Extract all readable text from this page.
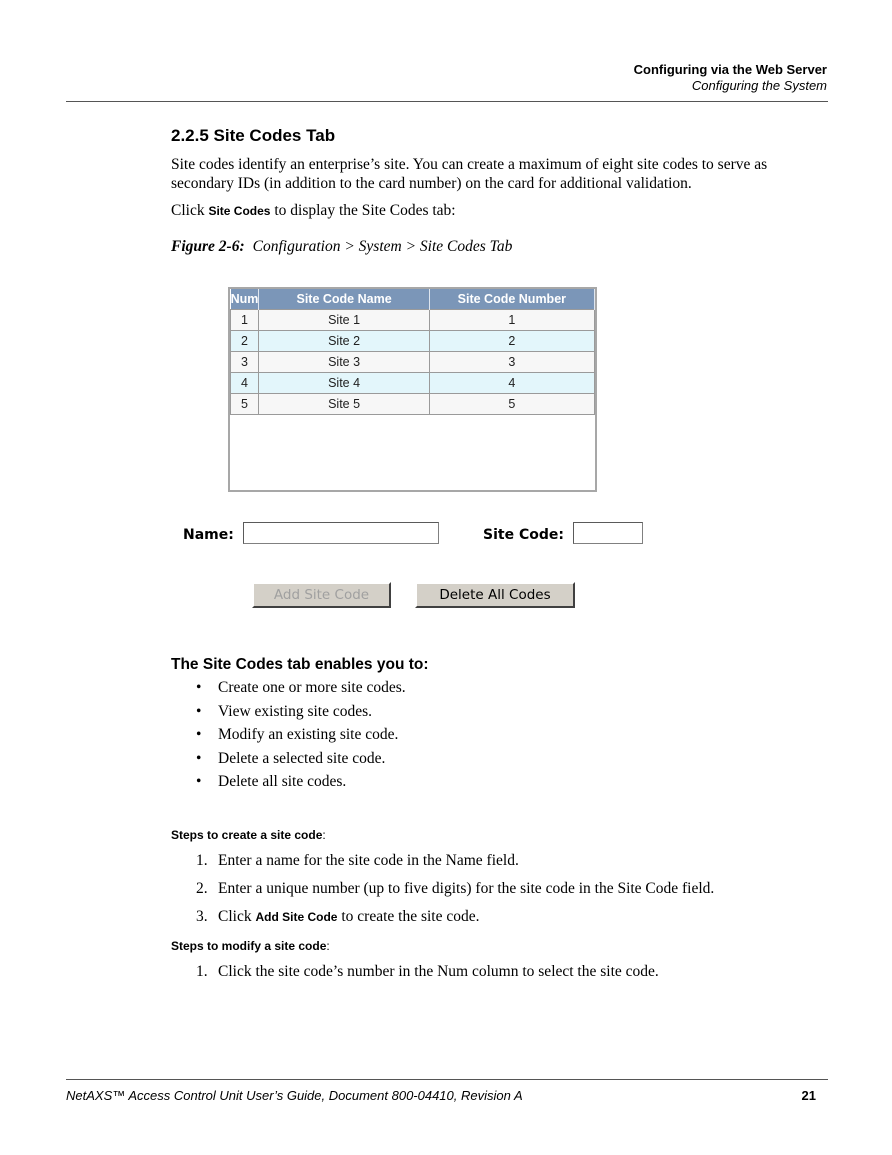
Configuring via the Web Server
Configuring the System
2.2.5 Site Codes Tab
Site codes identify an enterprise’s site. You can create a maximum of eight site codes to serve as secondary IDs (in addition to the card number) on the card for additional validation.
Click Site Codes to display the Site Codes tab:
Figure 2-6: Configuration > System > Site Codes Tab
Num	Site Code Name	Site Code Number
1	Site 1	1
2	Site 2	2
3	Site 3	3
4	Site 4	4
5	Site 5	5
Name:	Site Code:
Add Site Code	Delete All Codes
The Site Codes tab enables you to:
• Create one or more site codes.
• View existing site codes.
• Modify an existing site code.
• Delete a selected site code.
• Delete all site codes.
Steps to create a site code:
1. Enter a name for the site code in the Name field.
2. Enter a unique number (up to five digits) for the site code in the Site Code field.
3. Click Add Site Code to create the site code.
Steps to modify a site code:
1. Click the site code’s number in the Num column to select the site code.
NetAXS™ Access Control Unit User’s Guide, Document 800-04410, Revision A	21
